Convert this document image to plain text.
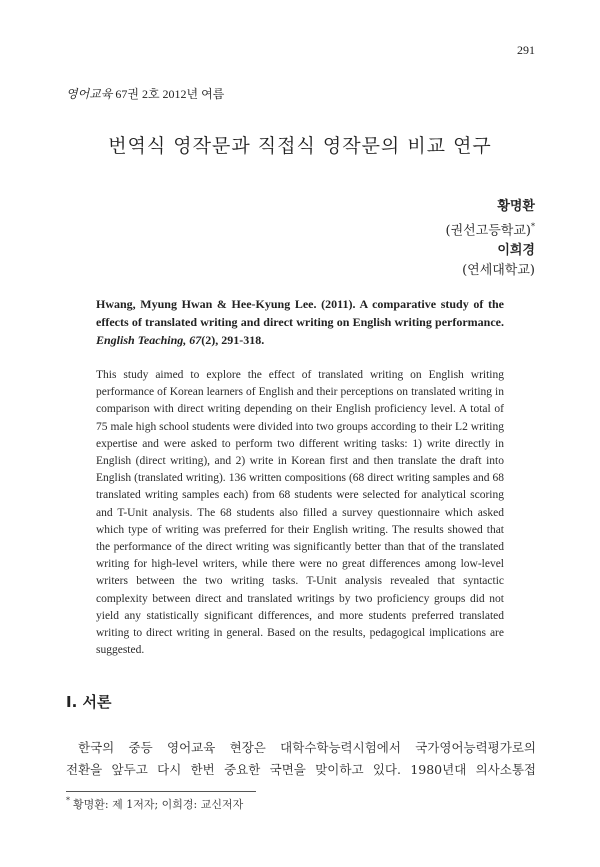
291
영어교육 67권 2호 2012년 여름
번역식 영작문과 직접식 영작문의 비교 연구
황명환
(권선고등학교)*
이희경
(연세대학교)

Hwang, Myung Hwan & Hee-Kyung Lee. (2011). A comparative study of the effects of translated writing and direct writing on English writing performance. English Teaching, 67(2), 291-318.

This study aimed to explore the effect of translated writing on English writing performance of Korean learners of English and their perceptions on translated writing in comparison with direct writing depending on their English proficiency level. A total of 75 male high school students were divided into two groups according to their L2 writing expertise and were asked to perform two different writing tasks: 1) write directly in English (direct writing), and 2) write in Korean first and then translate the draft into English (translated writing). 136 written compositions (68 direct writing samples and 68 translated writing samples each) from 68 students were selected for analytical scoring and T-Unit analysis. The 68 students also filled a survey questionnaire which asked which type of writing was preferred for their English writing. The results showed that the performance of the direct writing was significantly better than that of the translated writing for high-level writers, while there were no great differences among low-level writers between the two writing tasks. T-Unit analysis revealed that syntactic complexity between direct and translated writings by two proficiency groups did not yield any statistically significant differences, and more students preferred translated writing to direct writing in general. Based on the results, pedagogical implications are suggested.

I. 서론
한국의 중등 영어교육 현장은 대학수학능력시험에서 국가영어능력평가로의
전환을 앞두고 다시 한번 중요한 국면을 맞이하고 있다. 1980년대 의사소통접
* 황명환: 제 1저자; 이희경: 교신저자
